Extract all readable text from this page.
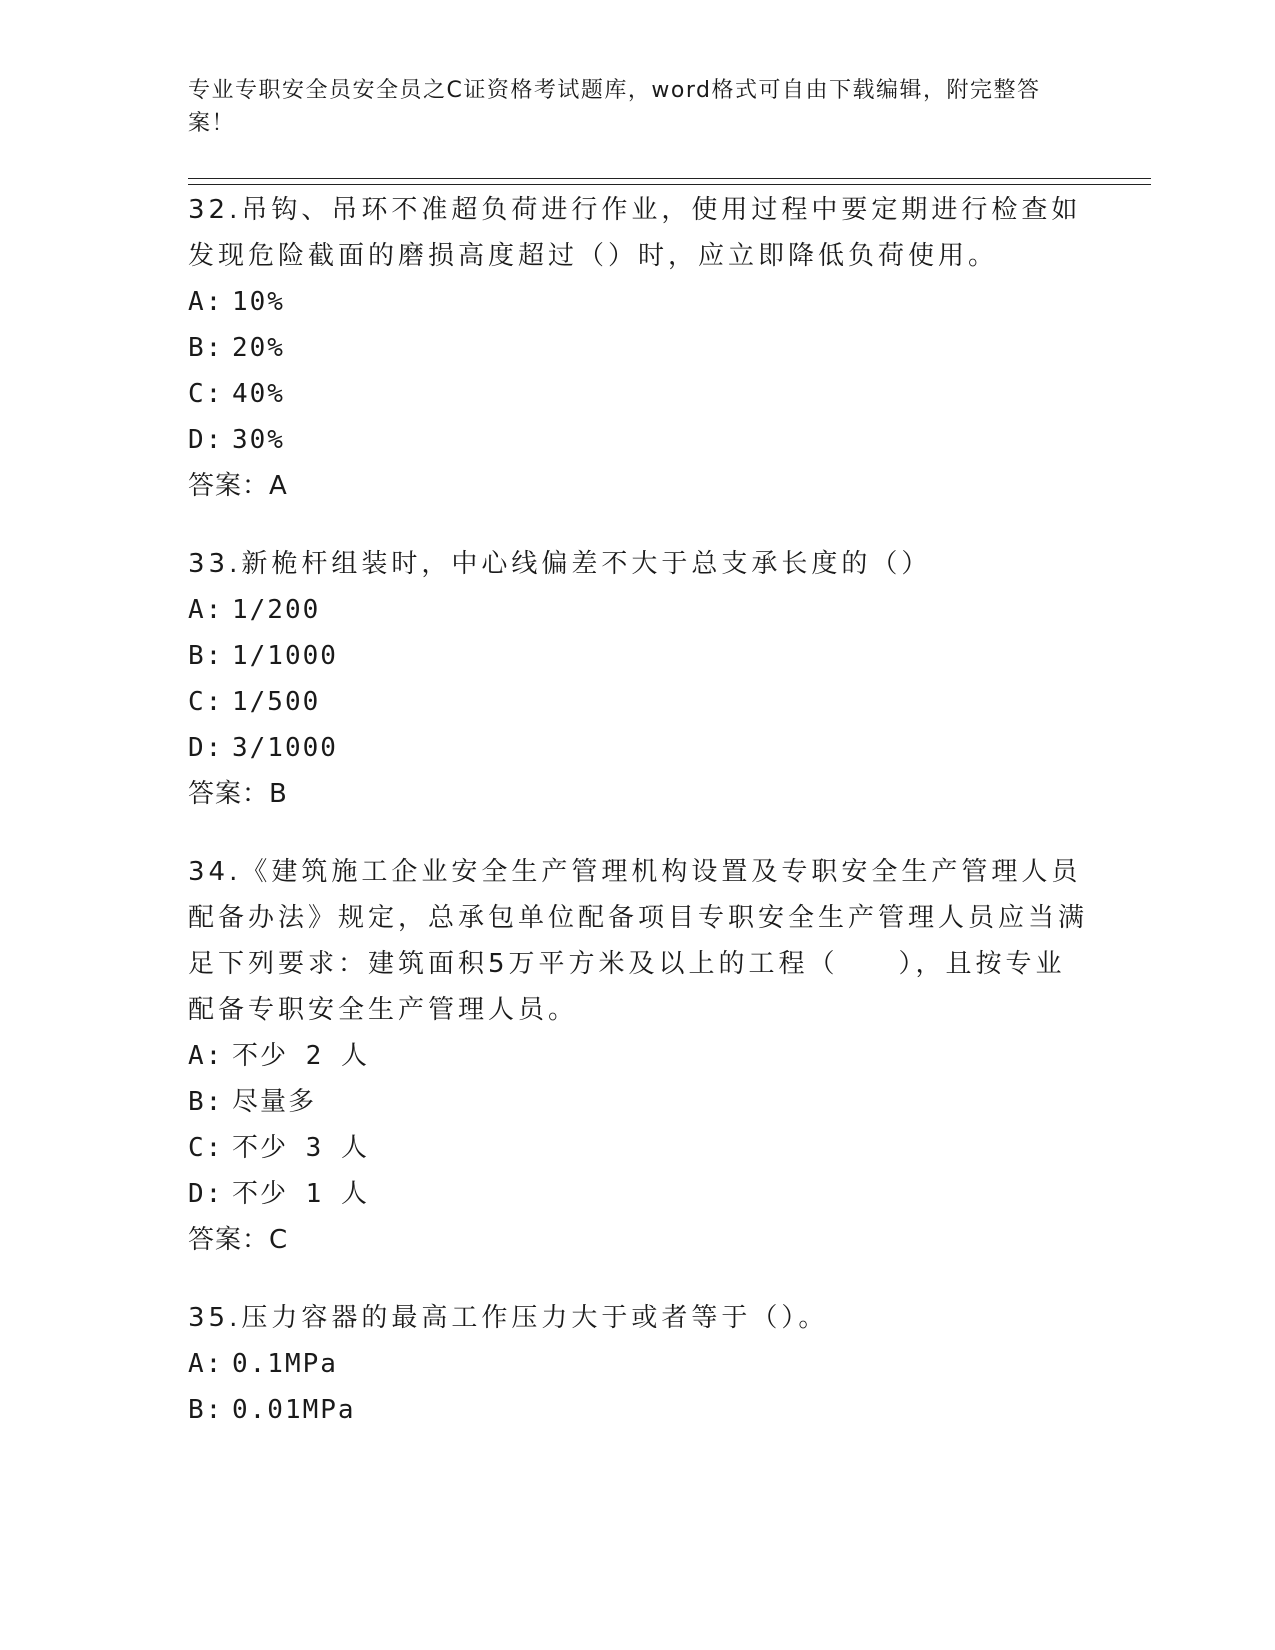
专业专职安全员安全员之C证资格考试题库，word格式可自由下载编辑，附完整答案！
32.吊钩、吊环不准超负荷进行作业，使用过程中要定期进行检查如发现危险截面的磨损高度超过（）时，应立即降低负荷使用。
A: 10%
B: 20%
C: 40%
D: 30%
答案：A
33.新桅杆组装时，中心线偏差不大于总支承长度的（）
A: 1/200
B: 1/1000
C: 1/500
D: 3/1000
答案：B
34.《建筑施工企业安全生产管理机构设置及专职安全生产管理人员配备办法》规定，总承包单位配备项目专职安全生产管理人员应当满足下列要求：建筑面积5万平方米及以上的工程（　　），且按专业配备专职安全生产管理人员。
A: 不少 2 人
B: 尽量多
C: 不少 3 人
D: 不少 1 人
答案：C
35.压力容器的最高工作压力大于或者等于（）。
A: 0.1MPa
B: 0.01MPa
